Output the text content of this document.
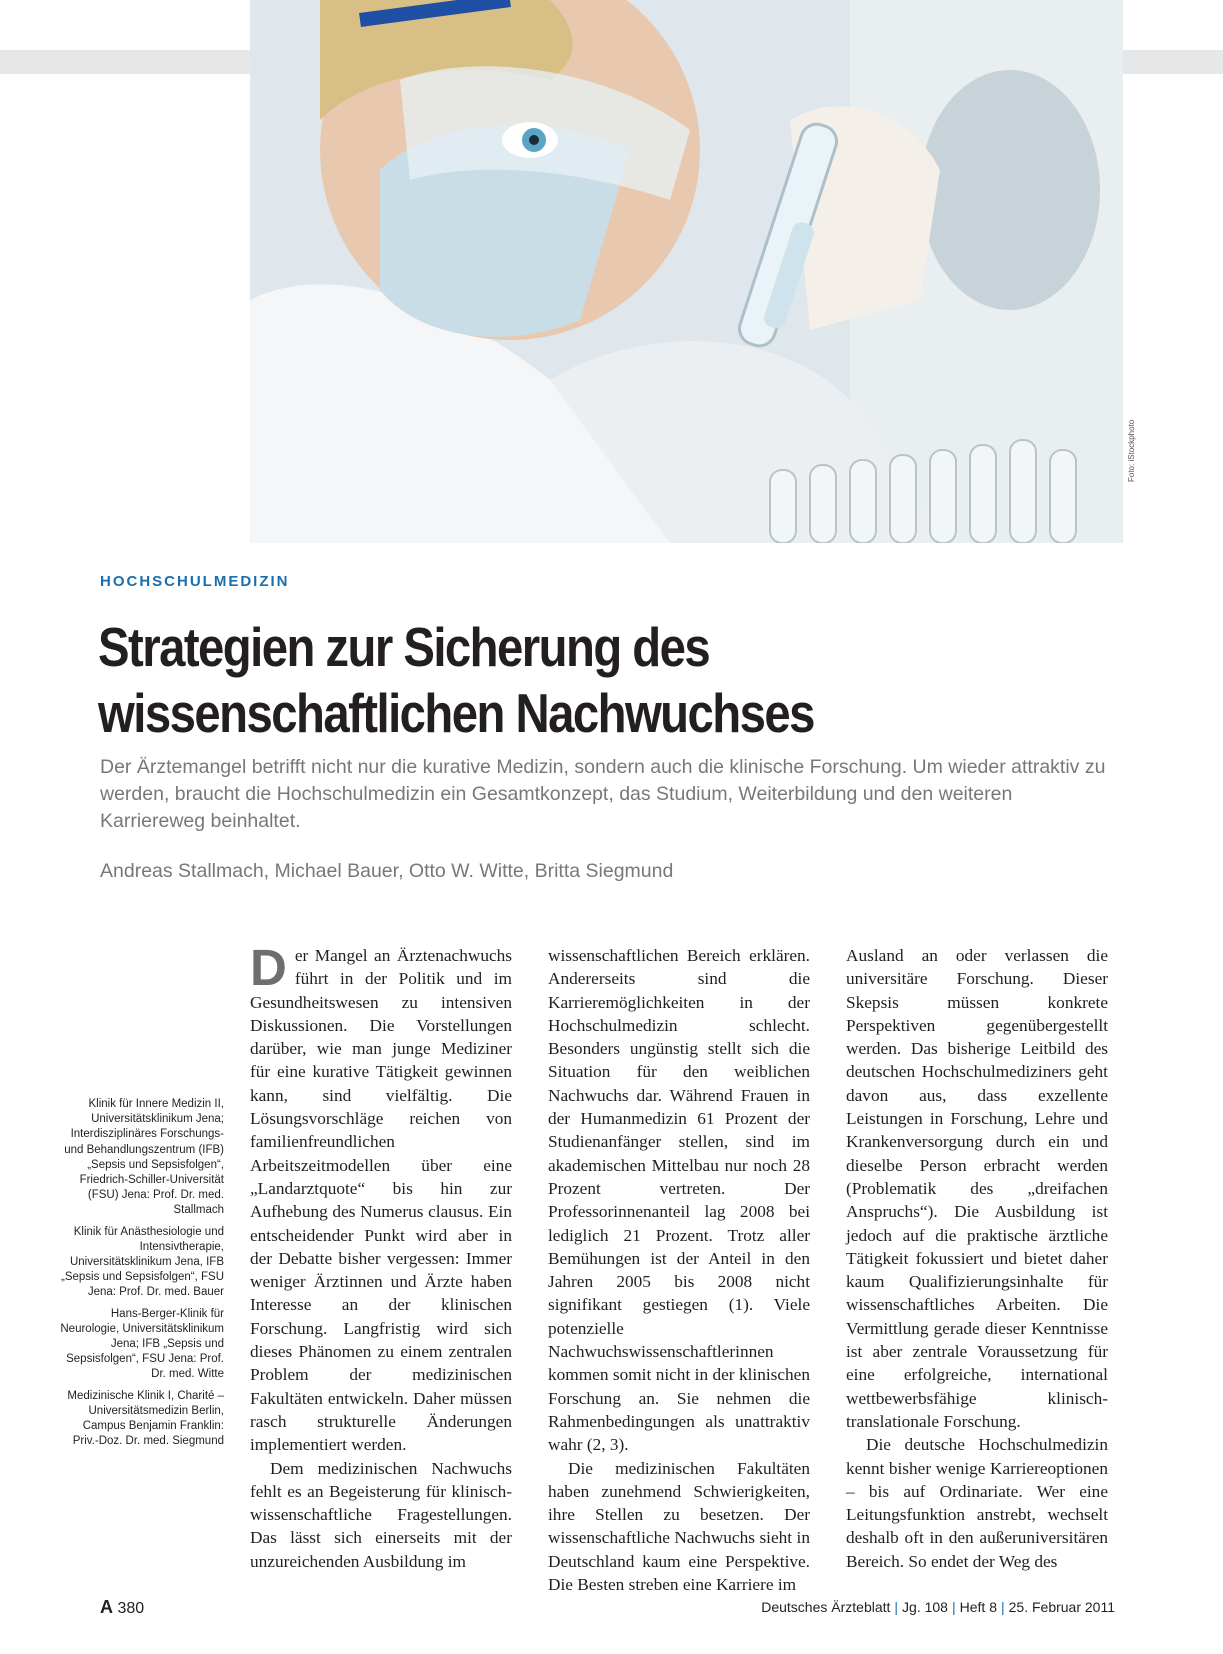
Foto: iStockphoto
HOCHSCHULMEDIZIN
Strategien zur Sicherung des
wissenschaftlichen Nachwuchses
Der Ärztemangel betrifft nicht nur die kurative Medizin, sondern auch die klinische Forschung. Um wieder attraktiv zu werden, braucht die Hochschulmedizin ein Gesamtkonzept, das Studium, Weiterbildung und den weiteren Karriereweg beinhaltet.
Andreas Stallmach, Michael Bauer, Otto W. Witte, Britta Siegmund

Klinik für Innere Medizin II, Universitätsklinikum Jena; Interdisziplinäres Forschungs- und Behandlungszentrum (IFB) „Sepsis und Sepsisfolgen“, Friedrich-Schiller-Universität (FSU) Jena: Prof. Dr. med. Stallmach

Klinik für Anästhesiologie und Intensivtherapie, Universitätsklinikum Jena, IFB „Sepsis und Sepsisfolgen“, FSU Jena: Prof. Dr. med. Bauer

Hans-Berger-Klinik für Neurologie, Universitätsklinikum Jena; IFB „Sepsis und Sepsisfolgen“, FSU Jena: Prof. Dr. med. Witte

Medizinische Klinik I, Charité – Universitätsmedizin Berlin, Campus Benjamin Franklin: Priv.-Doz. Dr. med. Siegmund

Der Mangel an Ärztenachwuchs führt in der Politik und im Gesundheitswesen zu intensiven Diskussionen. Die Vorstellungen darüber, wie man junge Mediziner für eine kurative Tätigkeit gewinnen kann, sind vielfältig. Die Lösungsvorschläge reichen von familienfreundlichen Arbeitszeitmodellen über eine „Landarztquote“ bis hin zur Aufhebung des Numerus clausus. Ein entscheidender Punkt wird aber in der Debatte bisher vergessen: Immer weniger Ärztinnen und Ärzte haben Interesse an der klinischen Forschung. Langfristig wird sich dieses Phänomen zu einem zentralen Problem der medizinischen Fakultäten entwickeln. Daher müssen rasch strukturelle Änderungen implementiert werden.

Dem medizinischen Nachwuchs fehlt es an Begeisterung für klinisch-wissenschaftliche Fragestellungen. Das lässt sich einerseits mit der unzureichenden Ausbildung im

wissenschaftlichen Bereich erklären. Andererseits sind die Karrieremöglichkeiten in der Hochschulmedizin schlecht. Besonders ungünstig stellt sich die Situation für den weiblichen Nachwuchs dar. Während Frauen in der Humanmedizin 61 Prozent der Studienanfänger stellen, sind im akademischen Mittelbau nur noch 28 Prozent vertreten. Der Professorinnenanteil lag 2008 bei lediglich 21 Prozent. Trotz aller Bemühungen ist der Anteil in den Jahren 2005 bis 2008 nicht signifikant gestiegen (1). Viele potenzielle Nachwuchswissenschaftlerinnen kommen somit nicht in der klinischen Forschung an. Sie nehmen die Rahmenbedingungen als unattraktiv wahr (2, 3).

Die medizinischen Fakultäten haben zunehmend Schwierigkeiten, ihre Stellen zu besetzen. Der wissenschaftliche Nachwuchs sieht in Deutschland kaum eine Perspektive. Die Besten streben eine Karriere im

Ausland an oder verlassen die universitäre Forschung. Dieser Skepsis müssen konkrete Perspektiven gegenübergestellt werden. Das bisherige Leitbild des deutschen Hochschulmediziners geht davon aus, dass exzellente Leistungen in Forschung, Lehre und Krankenversorgung durch ein und dieselbe Person erbracht werden (Problematik des „dreifachen Anspruchs“). Die Ausbildung ist jedoch auf die praktische ärztliche Tätigkeit fokussiert und bietet daher kaum Qualifizierungsinhalte für wissenschaftliches Arbeiten. Die Vermittlung gerade dieser Kenntnisse ist aber zentrale Voraussetzung für eine erfolgreiche, international wettbewerbsfähige klinisch-translationale Forschung.

Die deutsche Hochschulmedizin kennt bisher wenige Karriereoptionen – bis auf Ordinariate. Wer eine Leitungsfunktion anstrebt, wechselt deshalb oft in den außeruniversitären Bereich. So endet der Weg des

A 380	Deutsches Ärzteblatt | Jg. 108 | Heft 8 | 25. Februar 2011
